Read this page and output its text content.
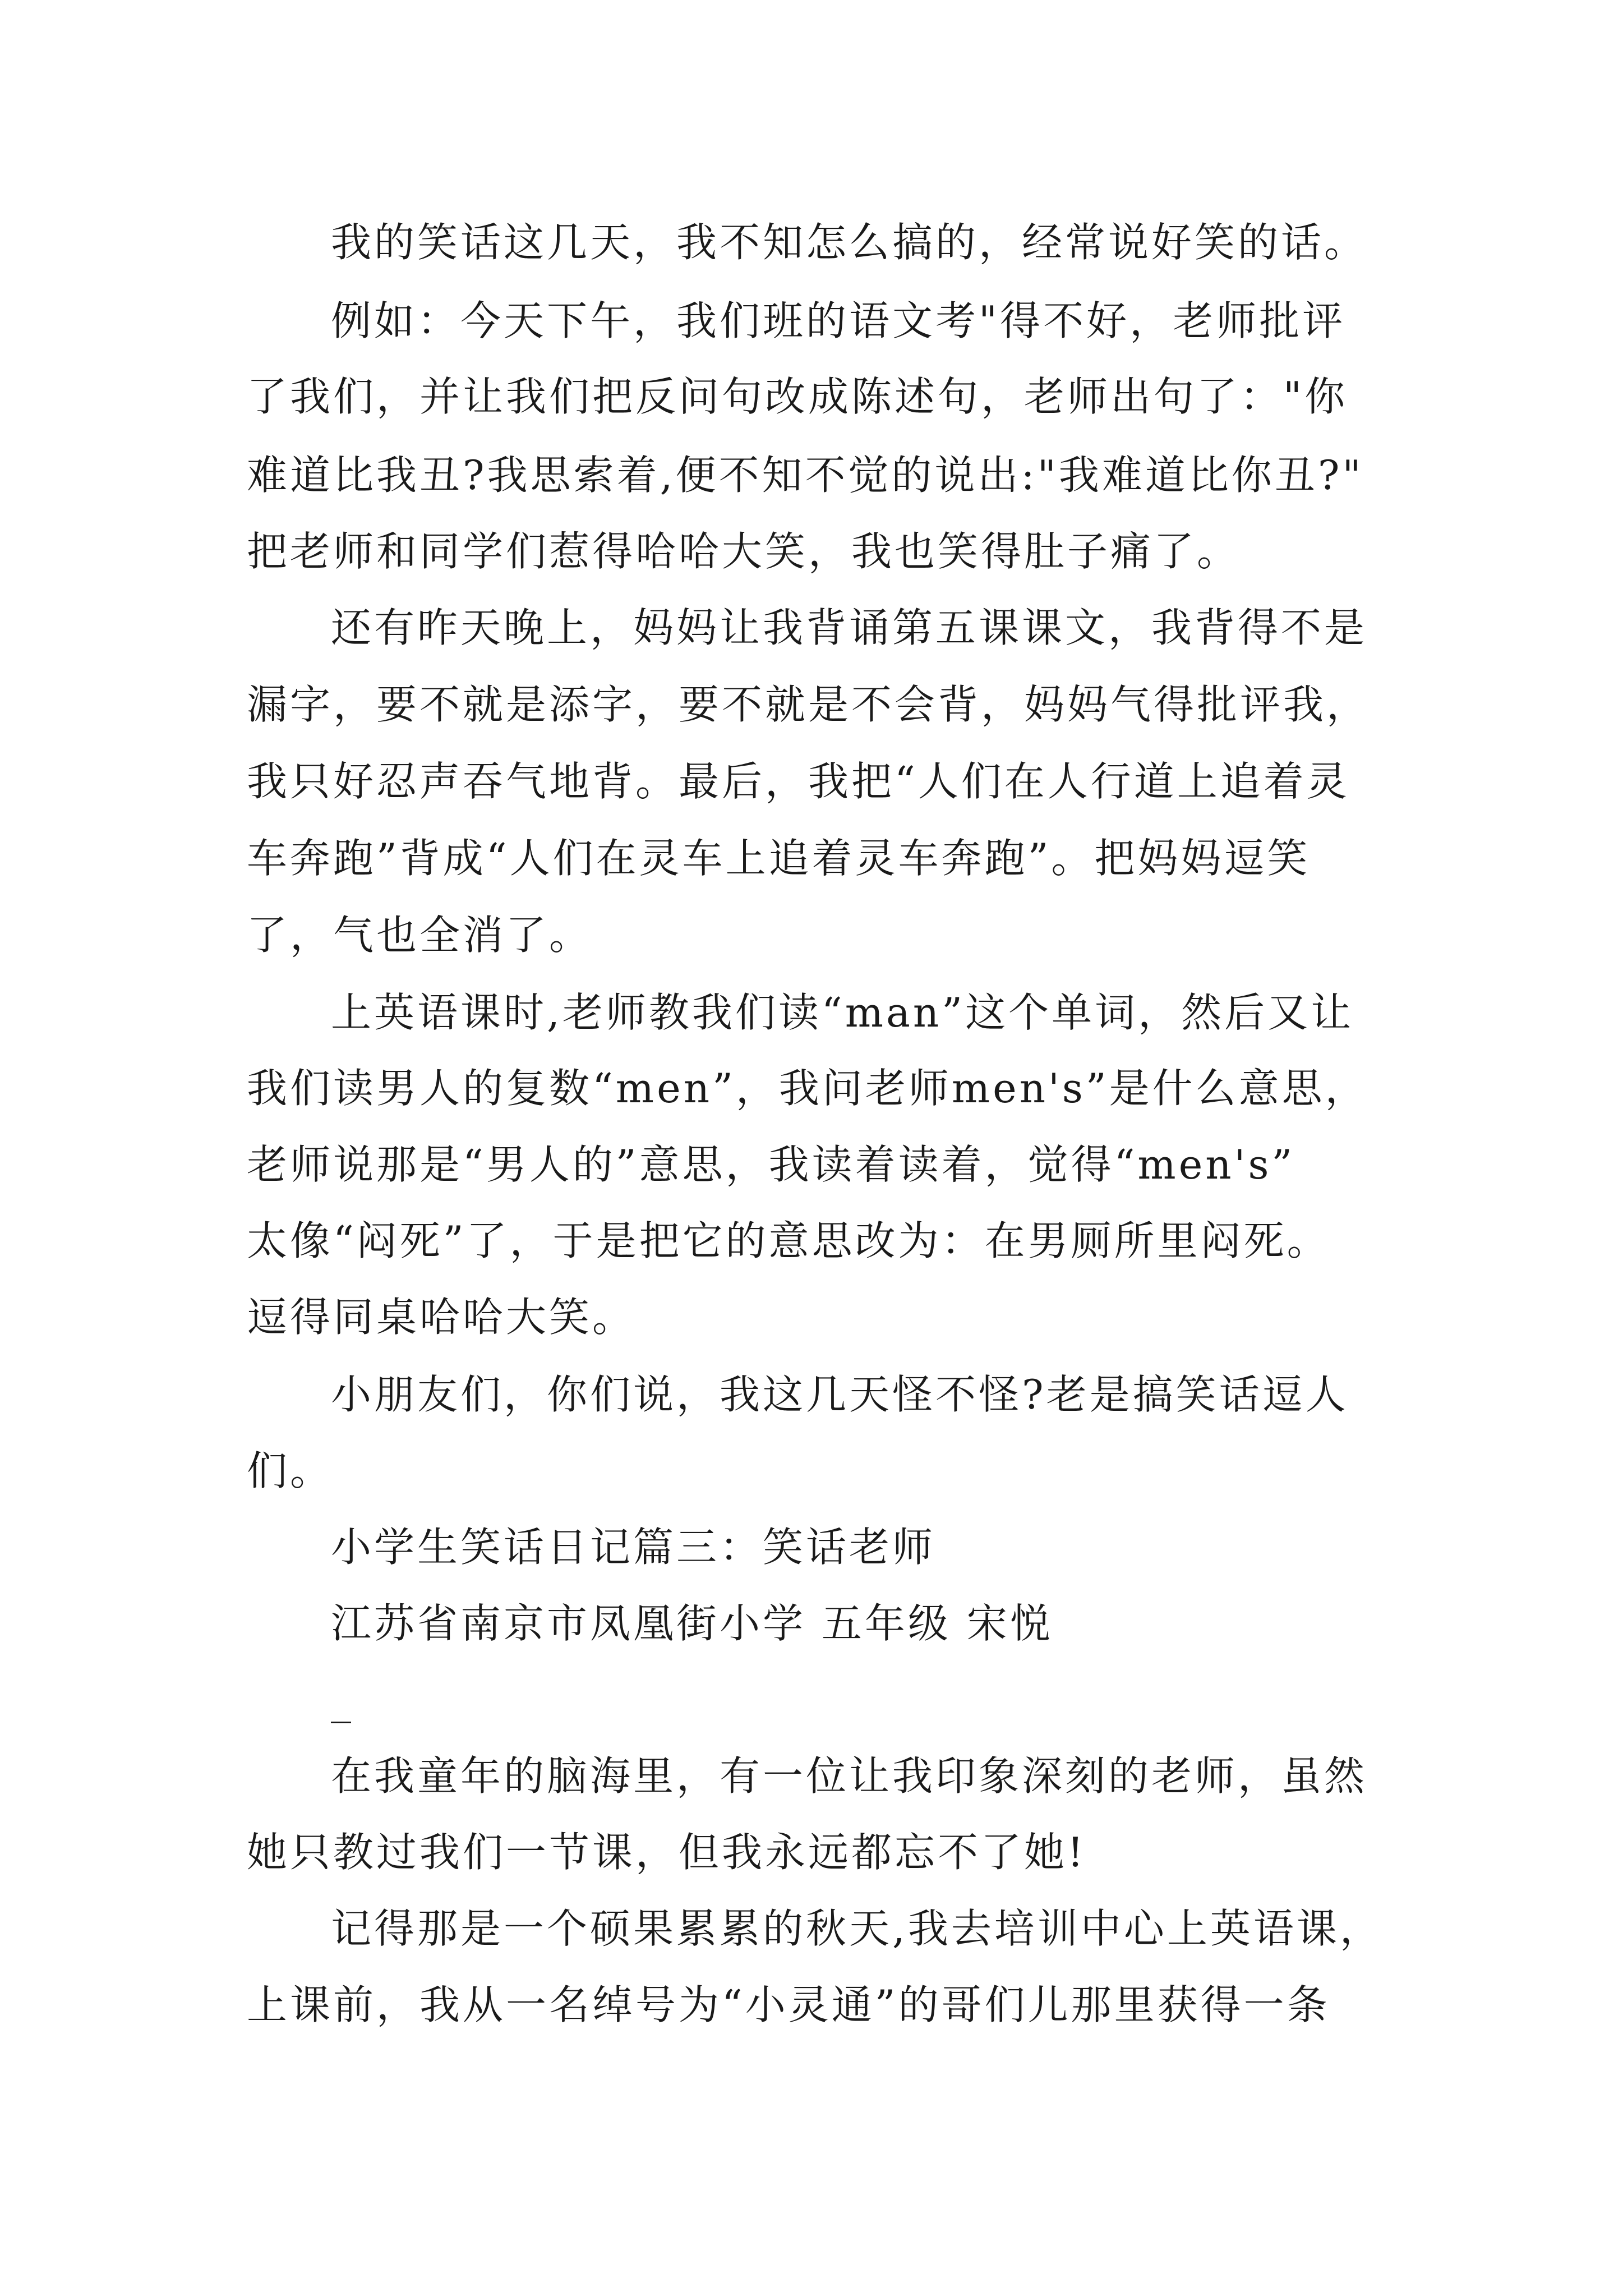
我的笑话这几天，我不知怎么搞的，经常说好笑的话。
例如：今天下午，我们班的语文考"得不好，老师批评
了我们，并让我们把反问句改成陈述句，老师出句了："你
难道比我丑?我思索着,便不知不觉的说出:"我难道比你丑?"
把老师和同学们惹得哈哈大笑，我也笑得肚子痛了。
还有昨天晚上，妈妈让我背诵第五课课文，我背得不是
漏字，要不就是添字，要不就是不会背，妈妈气得批评我，
我只好忍声吞气地背。最后，我把“人们在人行道上追着灵
车奔跑”背成“人们在灵车上追着灵车奔跑”。把妈妈逗笑
了，气也全消了。
上英语课时,老师教我们读“man”这个单词，然后又让
我们读男人的复数“men”，我问老师men's”是什么意思，
老师说那是“男人的”意思，我读着读着，觉得“men's”
太像“闷死”了，于是把它的意思改为：在男厕所里闷死。
逗得同桌哈哈大笑。
小朋友们，你们说，我这几天怪不怪?老是搞笑话逗人
们。
小学生笑话日记篇三：笑话老师
江苏省南京市凤凰街小学 五年级 宋悦
_
在我童年的脑海里，有一位让我印象深刻的老师，虽然
她只教过我们一节课，但我永远都忘不了她!
记得那是一个硕果累累的秋天,我去培训中心上英语课，
上课前，我从一名绰号为“小灵通”的哥们儿那里获得一条
